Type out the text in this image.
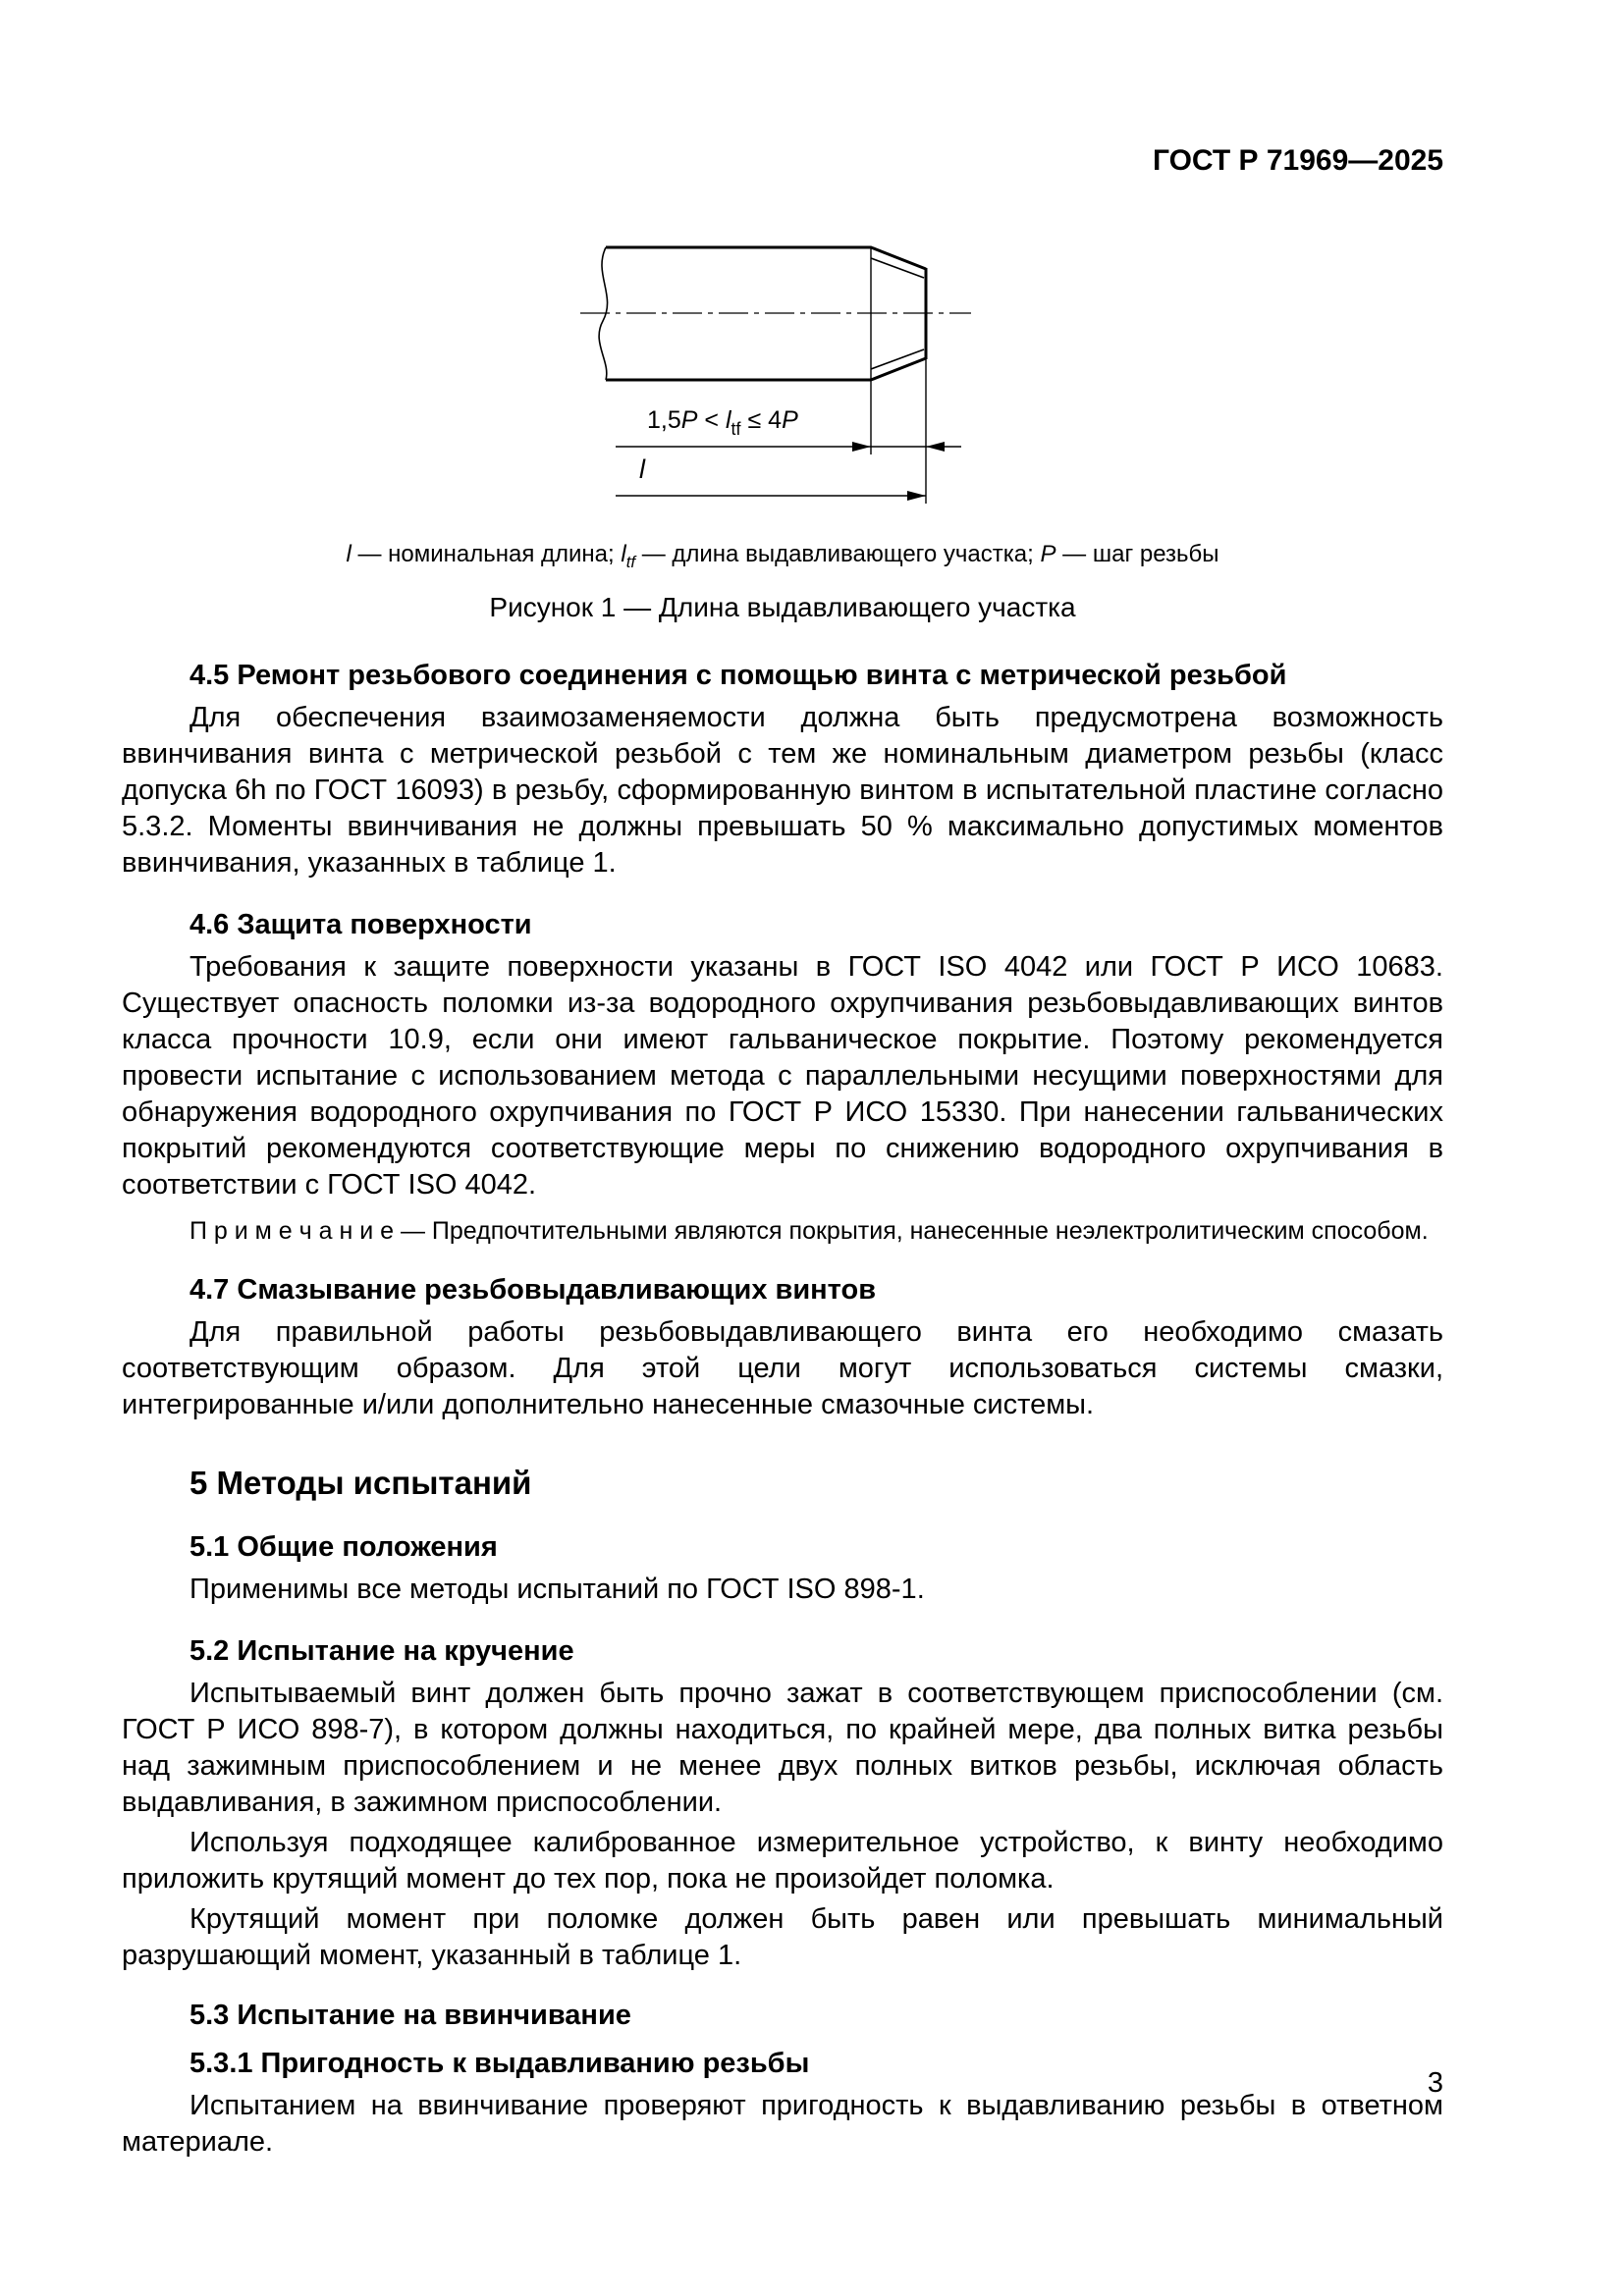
ГОСТ Р 71969—2025
$1,5P < l_{tf} \le 4P$
l
l — номинальная длина; $l_{tf}$ — длина выдавливающего участка; P — шаг резьбы
Рисунок 1 — Длина выдавливающего участка
4.5 Ремонт резьбового соединения с помощью винта с метрической резьбой

Для обеспечения взаимозаменяемости должна быть предусмотрена возможность ввинчивания винта с метрической резьбой с тем же номинальным диаметром резьбы (класс допуска 6h по ГОСТ 16093) в резьбу, сформированную винтом в испытательной пластине согласно 5.3.2. Моменты ввинчивания не должны превышать 50 % максимально допустимых моментов ввинчивания, указанных в таблице 1.

4.6 Защита поверхности

Требования к защите поверхности указаны в ГОСТ ISO 4042 или ГОСТ Р ИСО 10683. Существует опасность поломки из-за водородного охрупчивания резьбовыдавливающих винтов класса прочности 10.9, если они имеют гальваническое покрытие. Поэтому рекомендуется провести испытание с использованием метода с параллельными несущими поверхностями для обнаружения водородного охрупчивания по ГОСТ Р ИСО 15330. При нанесении гальванических покрытий рекомендуются соответствующие меры по снижению водородного охрупчивания в соответствии с ГОСТ ISO 4042.

П р и м е ч а н и е — Предпочтительными являются покрытия, нанесенные неэлектролитическим способом.

4.7 Смазывание резьбовыдавливающих винтов

Для правильной работы резьбовыдавливающего винта его необходимо смазать соответствующим образом. Для этой цели могут использоваться системы смазки, интегрированные и/или дополнительно нанесенные смазочные системы.

5 Методы испытаний
5.1 Общие положения

Применимы все методы испытаний по ГОСТ ISO 898-1.

5.2 Испытание на кручение

Испытываемый винт должен быть прочно зажат в соответствующем приспособлении (см. ГОСТ Р ИСО 898-7), в котором должны находиться, по крайней мере, два полных витка резьбы над зажимным приспособлением и не менее двух полных витков резьбы, исключая область выдавливания, в зажимном приспособлении.

Используя подходящее калиброванное измерительное устройство, к винту необходимо приложить крутящий момент до тех пор, пока не произойдет поломка.

Крутящий момент при поломке должен быть равен или превышать минимальный разрушающий момент, указанный в таблице 1.

5.3 Испытание на ввинчивание
5.3.1 Пригодность к выдавливанию резьбы

Испытанием на ввинчивание проверяют пригодность к выдавливанию резьбы в ответном материале.

3
